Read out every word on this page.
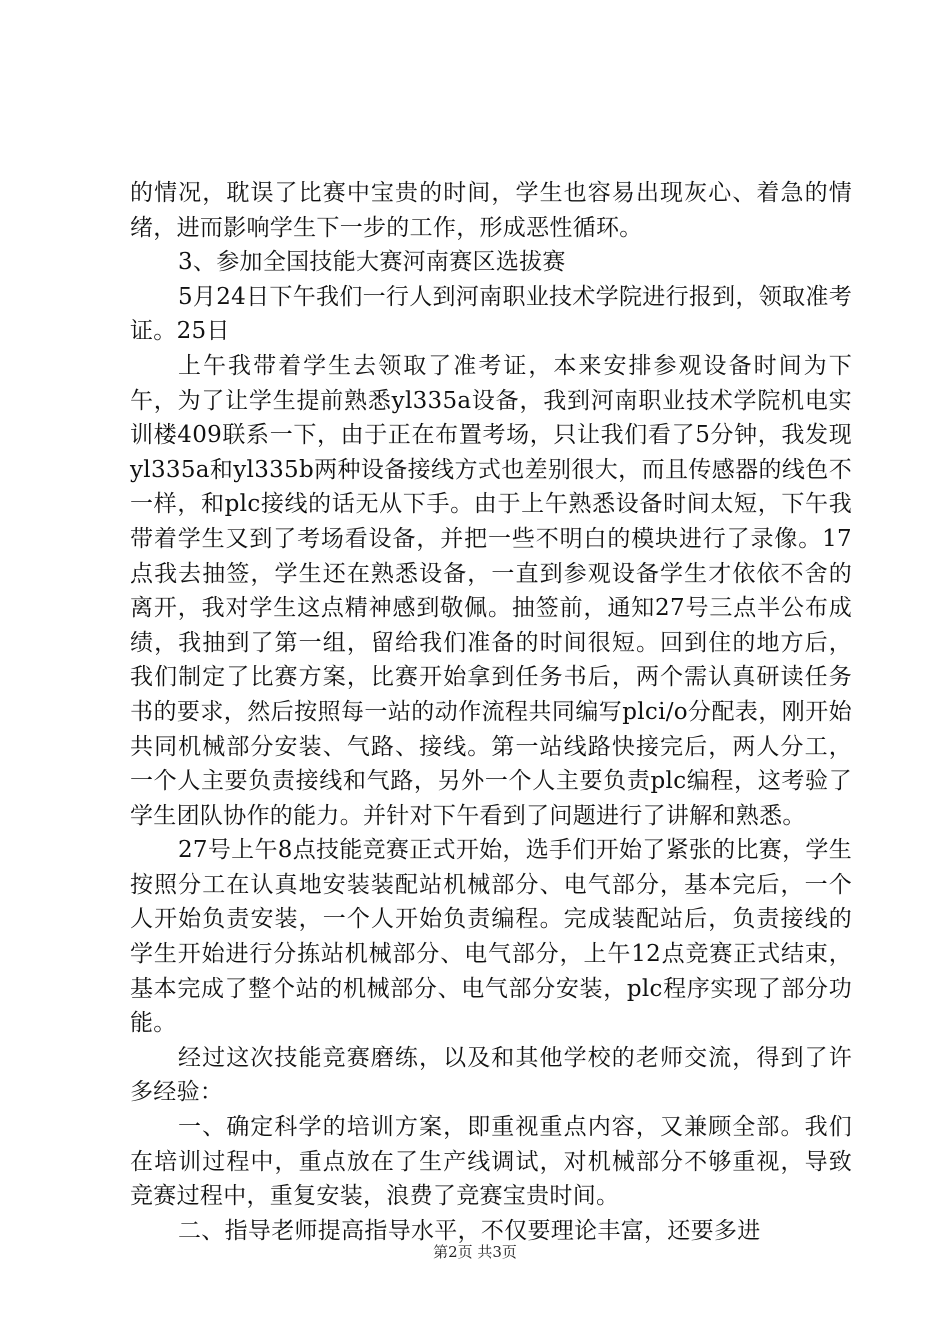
的情况，耽误了比赛中宝贵的时间，学生也容易出现灰心、着急的情绪，进而影响学生下一步的工作，形成恶性循环。

3、参加全国技能大赛河南赛区选拔赛

5月24日下午我们一行人到河南职业技术学院进行报到，领取准考证。25日

上午我带着学生去领取了准考证，本来安排参观设备时间为下午，为了让学生提前熟悉yl335a设备，我到河南职业技术学院机电实训楼409联系一下，由于正在布置考场，只让我们看了5分钟，我发现yl335a和yl335b两种设备接线方式也差别很大，而且传感器的线色不一样，和plc接线的话无从下手。由于上午熟悉设备时间太短，下午我带着学生又到了考场看设备，并把一些不明白的模块进行了录像。17点我去抽签，学生还在熟悉设备，一直到参观设备学生才依依不舍的离开，我对学生这点精神感到敬佩。抽签前，通知27号三点半公布成绩，我抽到了第一组，留给我们准备的时间很短。回到住的地方后，我们制定了比赛方案，比赛开始拿到任务书后，两个需认真研读任务书的要求，然后按照每一站的动作流程共同编写plci/o分配表，刚开始共同机械部分安装、气路、接线。第一站线路快接完后，两人分工，一个人主要负责接线和气路，另外一个人主要负责plc编程，这考验了学生团队协作的能力。并针对下午看到了问题进行了讲解和熟悉。

27号上午8点技能竞赛正式开始，选手们开始了紧张的比赛，学生按照分工在认真地安装装配站机械部分、电气部分，基本完后，一个人开始负责安装，一个人开始负责编程。完成装配站后，负责接线的学生开始进行分拣站机械部分、电气部分，上午12点竞赛正式结束，基本完成了整个站的机械部分、电气部分安装，plc程序实现了部分功能。

经过这次技能竞赛磨练，以及和其他学校的老师交流，得到了许多经验：

一、确定科学的培训方案，即重视重点内容，又兼顾全部。我们在培训过程中，重点放在了生产线调试，对机械部分不够重视，导致竞赛过程中，重复安装，浪费了竞赛宝贵时间。

二、指导老师提高指导水平，不仅要理论丰富，还要多进

第2页 共3页
